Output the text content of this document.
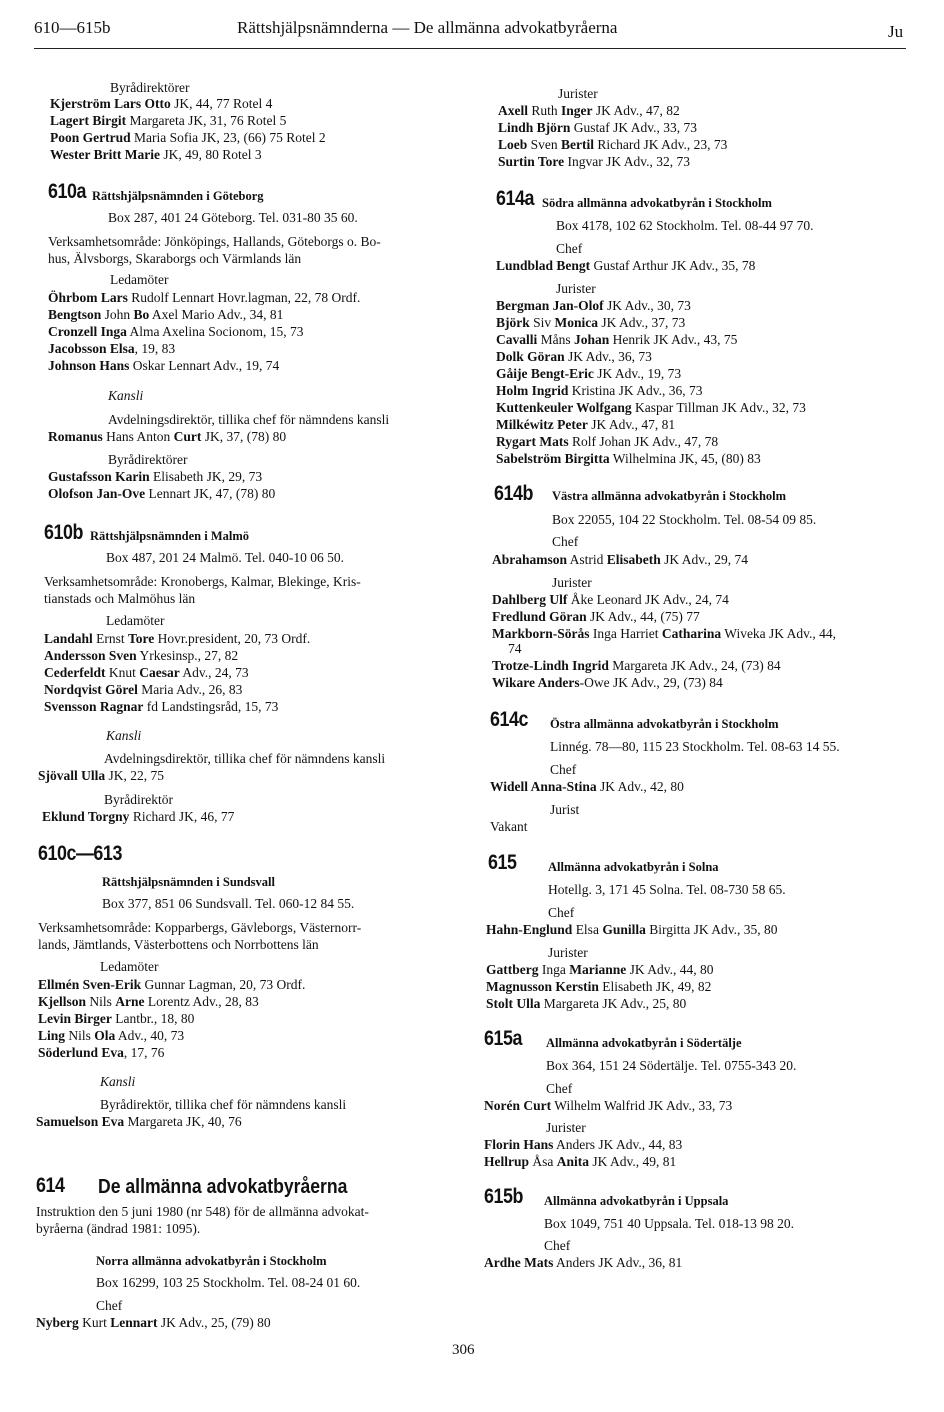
610—615b	Rättshjälpsnämnderna — De allmänna advokatbyråerna	Ju
Byrådirektörer
Kjerström Lars Otto JK, 44, 77 Rotel 4
Lagert Birgit Margareta JK, 31, 76 Rotel 5
Poon Gertrud Maria Sofia JK, 23, (66) 75 Rotel 2
Wester Britt Marie JK, 49, 80 Rotel 3
610a Rättshjälpsnämnden i Göteborg
Box 287, 401 24 Göteborg. Tel. 031-80 35 60.
Verksamhetsområde: Jönköpings, Hallands, Göteborgs o. Bo-
hus, Älvsborgs, Skaraborgs och Värmlands län
Ledamöter
Öhrbom Lars Rudolf Lennart Hovr.lagman, 22, 78 Ordf.
Bengtson John Bo Axel Mario Adv., 34, 81
Cronzell Inga Alma Axelina Socionom, 15, 73
Jacobsson Elsa, 19, 83
Johnson Hans Oskar Lennart Adv., 19, 74
Kansli
Avdelningsdirektör, tillika chef för nämndens kansli
Romanus Hans Anton Curt JK, 37, (78) 80
Byrådirektörer
Gustafsson Karin Elisabeth JK, 29, 73
Olofson Jan-Ove Lennart JK, 47, (78) 80
610b Rättshjälpsnämnden i Malmö
Box 487, 201 24 Malmö. Tel. 040-10 06 50.
Verksamhetsområde: Kronobergs, Kalmar, Blekinge, Kris-
tianstads och Malmöhus län
Ledamöter
Landahl Ernst Tore Hovr.president, 20, 73 Ordf.
Andersson Sven Yrkesinsp., 27, 82
Cederfeldt Knut Caesar Adv., 24, 73
Nordqvist Görel Maria Adv., 26, 83
Svensson Ragnar fd Landstingsråd, 15, 73
Kansli
Avdelningsdirektör, tillika chef för nämndens kansli
Sjövall Ulla JK, 22, 75
Byrådirektör
Eklund Torgny Richard JK, 46, 77
610c—613
Rättshjälpsnämnden i Sundsvall
Box 377, 851 06 Sundsvall. Tel. 060-12 84 55.
Verksamhetsområde: Kopparbergs, Gävleborgs, Västernorr-
lands, Jämtlands, Västerbottens och Norrbottens län
Ledamöter
Ellmén Sven-Erik Gunnar Lagman, 20, 73 Ordf.
Kjellson Nils Arne Lorentz Adv., 28, 83
Levin Birger Lantbr., 18, 80
Ling Nils Ola Adv., 40, 73
Söderlund Eva, 17, 76
Kansli
Byrådirektör, tillika chef för nämndens kansli
Samuelson Eva Margareta JK, 40, 76
614 De allmänna advokatbyråerna
Instruktion den 5 juni 1980 (nr 548) för de allmänna advokat-
byråerna (ändrad 1981: 1095).
Norra allmänna advokatbyrån i Stockholm
Box 16299, 103 25 Stockholm. Tel. 08-24 01 60.
Chef
Nyberg Kurt Lennart JK Adv., 25, (79) 80
Jurister
Axell Ruth Inger JK Adv., 47, 82
Lindh Björn Gustaf JK Adv., 33, 73
Loeb Sven Bertil Richard JK Adv., 23, 73
Surtin Tore Ingvar JK Adv., 32, 73
614a Södra allmänna advokatbyrån i Stockholm
Box 4178, 102 62 Stockholm. Tel. 08-44 97 70.
Chef
Lundblad Bengt Gustaf Arthur JK Adv., 35, 78
Jurister
Bergman Jan-Olof JK Adv., 30, 73
Björk Siv Monica JK Adv., 37, 73
Cavalli Måns Johan Henrik JK Adv., 43, 75
Dolk Göran JK Adv., 36, 73
Gåije Bengt-Eric JK Adv., 19, 73
Holm Ingrid Kristina JK Adv., 36, 73
Kuttenkeuler Wolfgang Kaspar Tillman JK Adv., 32, 73
Milkéwitz Peter JK Adv., 47, 81
Rygart Mats Rolf Johan JK Adv., 47, 78
Sabelström Birgitta Wilhelmina JK, 45, (80) 83
614b Västra allmänna advokatbyrån i Stockholm
Box 22055, 104 22 Stockholm. Tel. 08-54 09 85.
Chef
Abrahamson Astrid Elisabeth JK Adv., 29, 74
Jurister
Dahlberg Ulf Åke Leonard JK Adv., 24, 74
Fredlund Göran JK Adv., 44, (75) 77
Markborn-Sörås Inga Harriet Catharina Wiveka JK Adv., 44,
74
Trotze-Lindh Ingrid Margareta JK Adv., 24, (73) 84
Wikare Anders-Owe JK Adv., 29, (73) 84
614c Östra allmänna advokatbyrån i Stockholm
Linnég. 78—80, 115 23 Stockholm. Tel. 08-63 14 55.
Chef
Widell Anna-Stina JK Adv., 42, 80
Jurist
Vakant
615	Allmänna advokatbyrån i Solna
Hotellg. 3, 171 45 Solna. Tel. 08-730 58 65.
Chef
Hahn-Englund Elsa Gunilla Birgitta JK Adv., 35, 80
Jurister
Gattberg Inga Marianne JK Adv., 44, 80
Magnusson Kerstin Elisabeth JK, 49, 82
Stolt Ulla Margareta JK Adv., 25, 80
615a Allmänna advokatbyrån i Södertälje
Box 364, 151 24 Södertälje. Tel. 0755-343 20.
Chef
Norén Curt Wilhelm Walfrid JK Adv., 33, 73
Jurister
Florin Hans Anders JK Adv., 44, 83
Hellrup Åsa Anita JK Adv., 49, 81
615b Allmänna advokatbyrån i Uppsala
Box 1049, 751 40 Uppsala. Tel. 018-13 98 20.
Chef
Ardhe Mats Anders JK Adv., 36, 81
306
